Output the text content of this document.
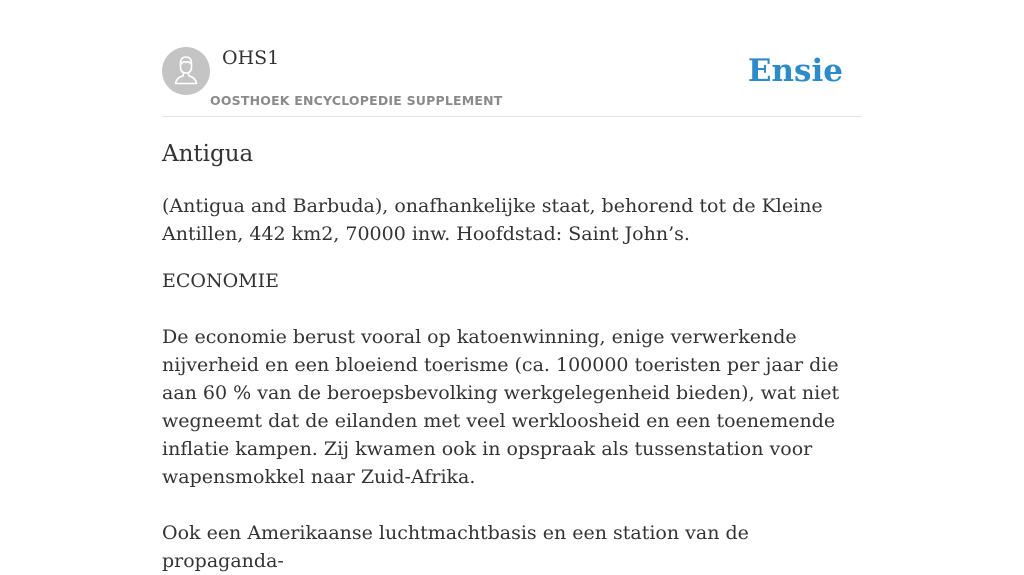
OHS1
OOSTHOEK ENCYCLOPEDIE SUPPLEMENT
Ensie
Antigua

(Antigua and Barbuda), onafhankelijke staat, behorend tot de Kleine Antillen, 442 km2, 70000 inw. Hoofdstad: Saint John’s.

ECONOMIE

De economie berust vooral op katoenwinning, enige verwerkende nijverheid en een bloeiend toerisme (ca. 100000 toeristen per jaar die aan 60 % van de beroepsbevolking werkgelegenheid bieden), wat niet wegneemt dat de eilanden met veel werkloosheid en een toenemende inflatie kampen. Zij kwamen ook in opspraak als tussenstation voor wapensmokkel naar Zuid-Afrika.

Ook een Amerikaanse luchtmachtbasis en een station van de propaganda-
